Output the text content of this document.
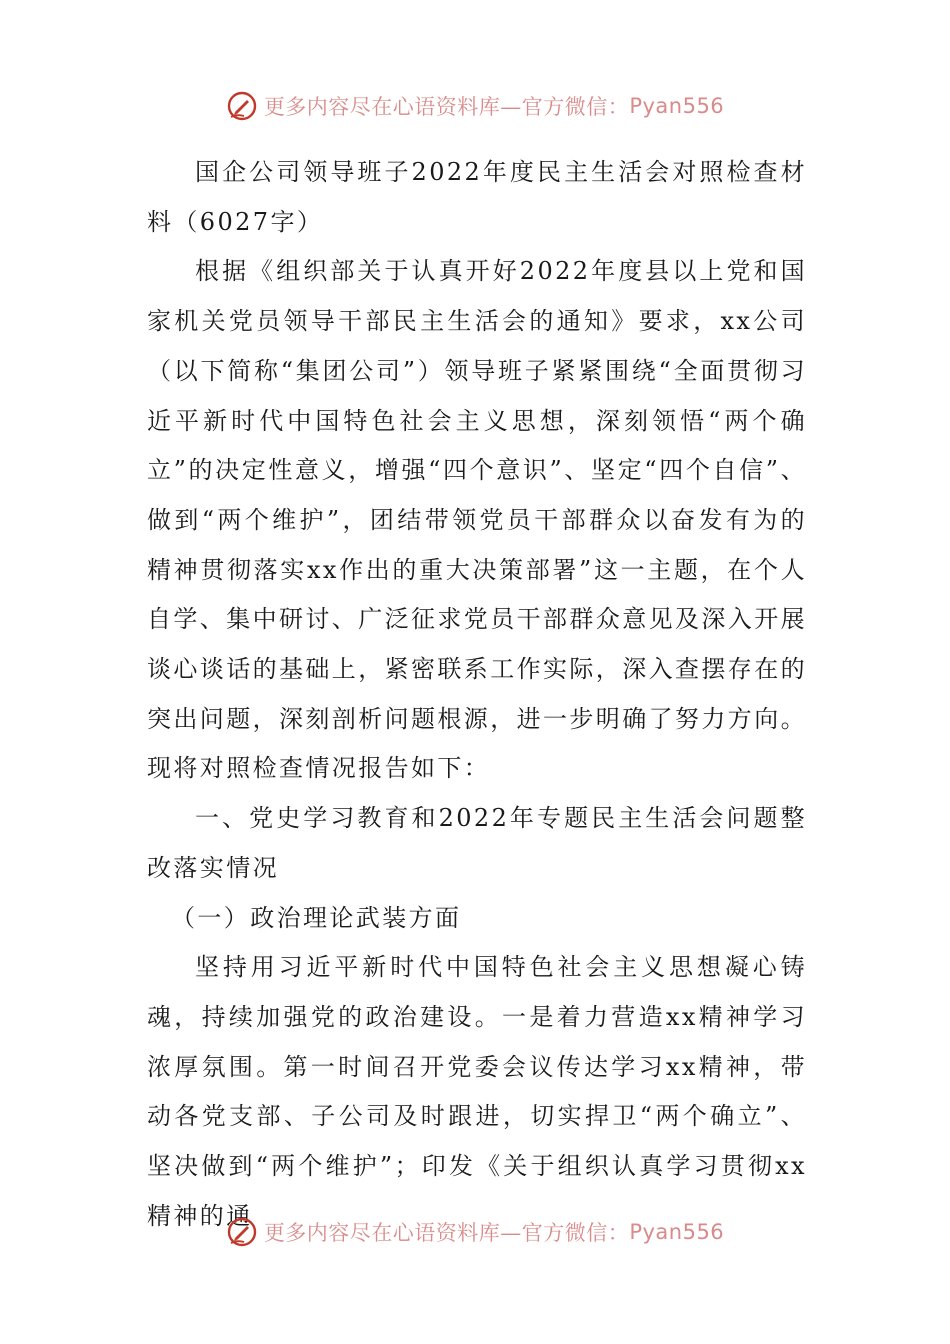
更多内容尽在心语资料库—官方微信： Pyan556

国企公司领导班子2022年度民主生活会对照检查材料（6027字）

根据《组织部关于认真开好2022年度县以上党和国家机关党员领导干部民主生活会的通知》要求，xx公司（以下简称“集团公司”）领导班子紧紧围绕“全面贯彻习近平新时代中国特色社会主义思想，深刻领悟“两个确立”的决定性意义，增强“四个意识”、坚定“四个自信”、做到“两个维护”，团结带领党员干部群众以奋发有为的精神贯彻落实xx作出的重大决策部署”这一主题，在个人自学、集中研讨、广泛征求党员干部群众意见及深入开展谈心谈话的基础上，紧密联系工作实际，深入查摆存在的突出问题，深刻剖析问题根源，进一步明确了努力方向。现将对照检查情况报告如下：

一、党史学习教育和2022年专题民主生活会问题整改落实情况

（一）政治理论武装方面

坚持用习近平新时代中国特色社会主义思想凝心铸魂，持续加强党的政治建设。一是着力营造xx精神学习浓厚氛围。第一时间召开党委会议传达学习xx精神，带动各党支部、子公司及时跟进，切实捍卫“两个确立”、坚决做到“两个维护”；印发《关于组织认真学习贯彻xx精神的通

更多内容尽在心语资料库—官方微信： Pyan556
